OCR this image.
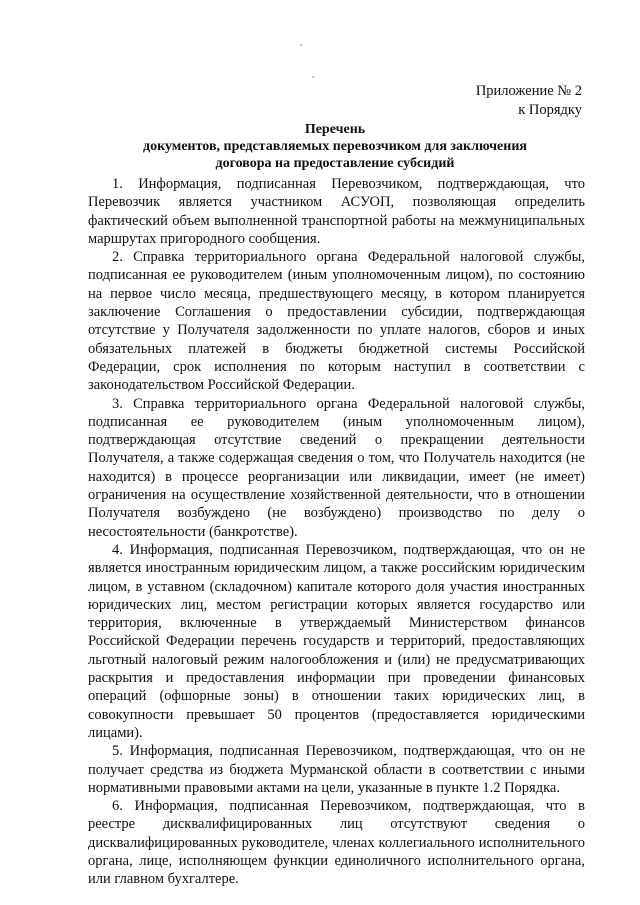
Приложение № 2
к Порядку
Перечень
документов, представляемых перевозчиком для заключения
договора на предоставление субсидий

1. Информация, подписанная Перевозчиком, подтверждающая, что Перевозчик является участником АСУОП, позволяющая определить фактический объем выполненной транспортной работы на межмуниципальных маршрутах пригородного сообщения.

2. Справка территориального органа Федеральной налоговой службы, подписанная ее руководителем (иным уполномоченным лицом), по состоянию на первое число месяца, предшествующего месяцу, в котором планируется заключение Соглашения о предоставлении субсидии, подтверждающая отсутствие у Получателя задолженности по уплате налогов, сборов и иных обязательных платежей в бюджеты бюджетной системы Российской Федерации, срок исполнения по которым наступил в соответствии с законодательством Российской Федерации.

3. Справка территориального органа Федеральной налоговой службы, подписанная ее руководителем (иным уполномоченным лицом), подтверждающая отсутствие сведений о прекращении деятельности Получателя, а также содержащая сведения о том, что Получатель находится (не находится) в процессе реорганизации или ликвидации, имеет (не имеет) ограничения на осуществление хозяйственной деятельности, что в отношении Получателя возбуждено (не возбуждено) производство по делу о несостоятельности (банкротстве).

4. Информация, подписанная Перевозчиком, подтверждающая, что он не является иностранным юридическим лицом, а также российским юридическим лицом, в уставном (складочном) капитале которого доля участия иностранных юридических лиц, местом регистрации которых является государство или территория, включенные в утверждаемый Министерством финансов Российской Федерации перечень государств и территорий, предоставляющих льготный налоговый режим налогообложения и (или) не предусматривающих раскрытия и предоставления информации при проведении финансовых операций (офшорные зоны) в отношении таких юридических лиц, в совокупности превышает 50 процентов (предоставляется юридическими лицами).

5. Информация, подписанная Перевозчиком, подтверждающая, что он не получает средства из бюджета Мурманской области в соответствии с иными нормативными правовыми актами на цели, указанные в пункте 1.2 Порядка.

6. Информация, подписанная Перевозчиком, подтверждающая, что в реестре дисквалифицированных лиц отсутствуют сведения о дисквалифицированных руководителе, членах коллегиального исполнительного органа, лице, исполняющем функции единоличного исполнительного органа, или главном бухгалтере.
